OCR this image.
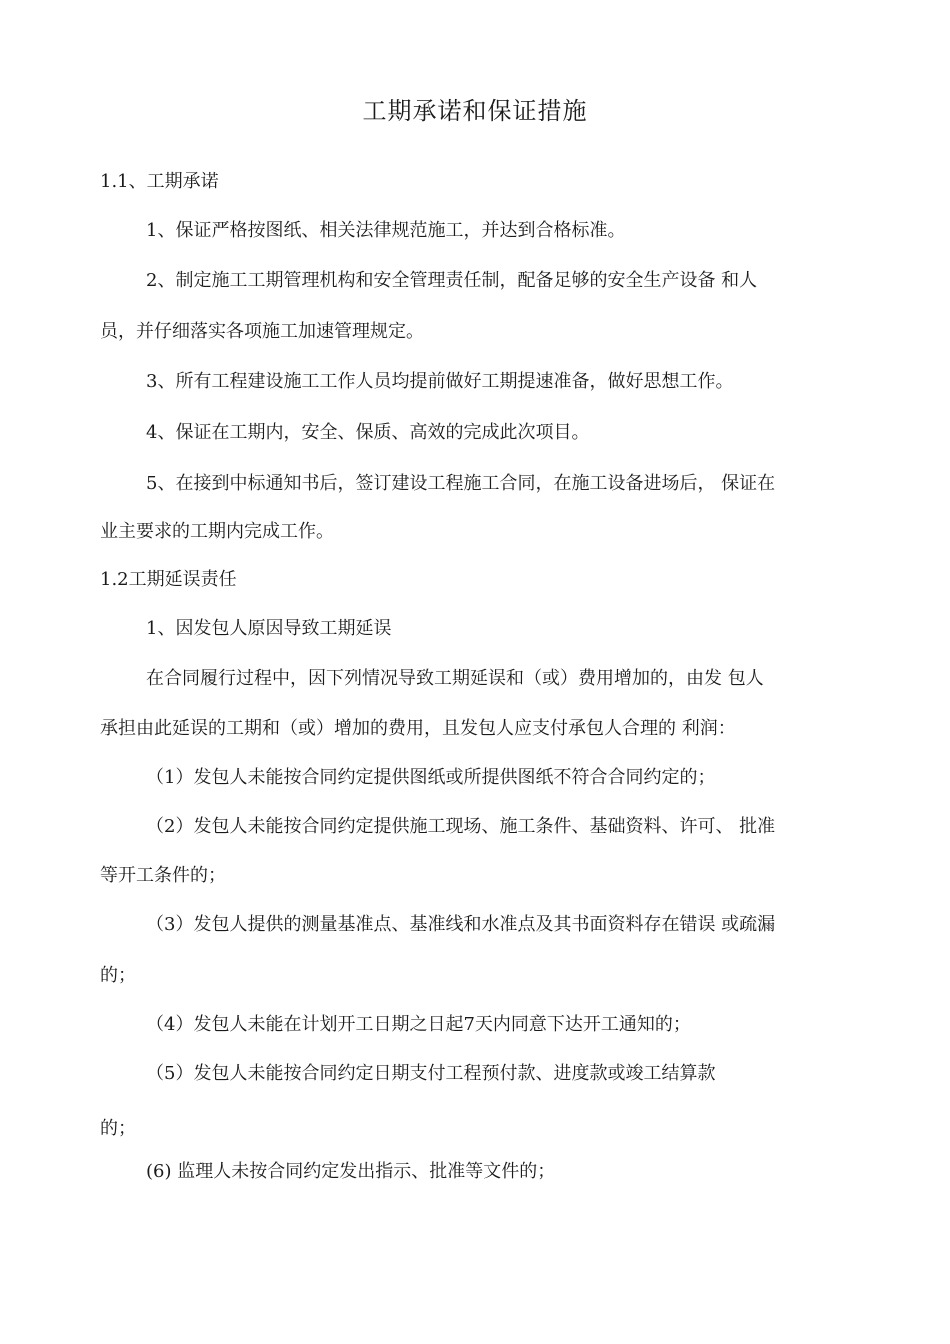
工期承诺和保证措施
1.1、工期承诺
1、保证严格按图纸、相关法律规范施工，并达到合格标准。
2、制定施工工期管理机构和安全管理责任制，配备足够的安全生产设备 和人
员，并仔细落实各项施工加速管理规定。
3、所有工程建设施工工作人员均提前做好工期提速准备，做好思想工作。
4、保证在工期内，安全、保质、高效的完成此次项目。
5、在接到中标通知书后，签订建设工程施工合同，在施工设备进场后， 保证在
业主要求的工期内完成工作。
1.2工期延误责任
1、因发包人原因导致工期延误
在合同履行过程中，因下列情况导致工期延误和（或）费用增加的，由发 包人
承担由此延误的工期和（或）增加的费用，且发包人应支付承包人合理的 利润：
（1）发包人未能按合同约定提供图纸或所提供图纸不符合合同约定的；
（2）发包人未能按合同约定提供施工现场、施工条件、基础资料、许可、 批准
等开工条件的；
（3）发包人提供的测量基准点、基准线和水准点及其书面资料存在错误 或疏漏
的；
（4）发包人未能在计划开工日期之日起7天内同意下达开工通知的；
（5）发包人未能按合同约定日期支付工程预付款、进度款或竣工结算款
的；
(6) 监理人未按合同约定发出指示、批准等文件的；
